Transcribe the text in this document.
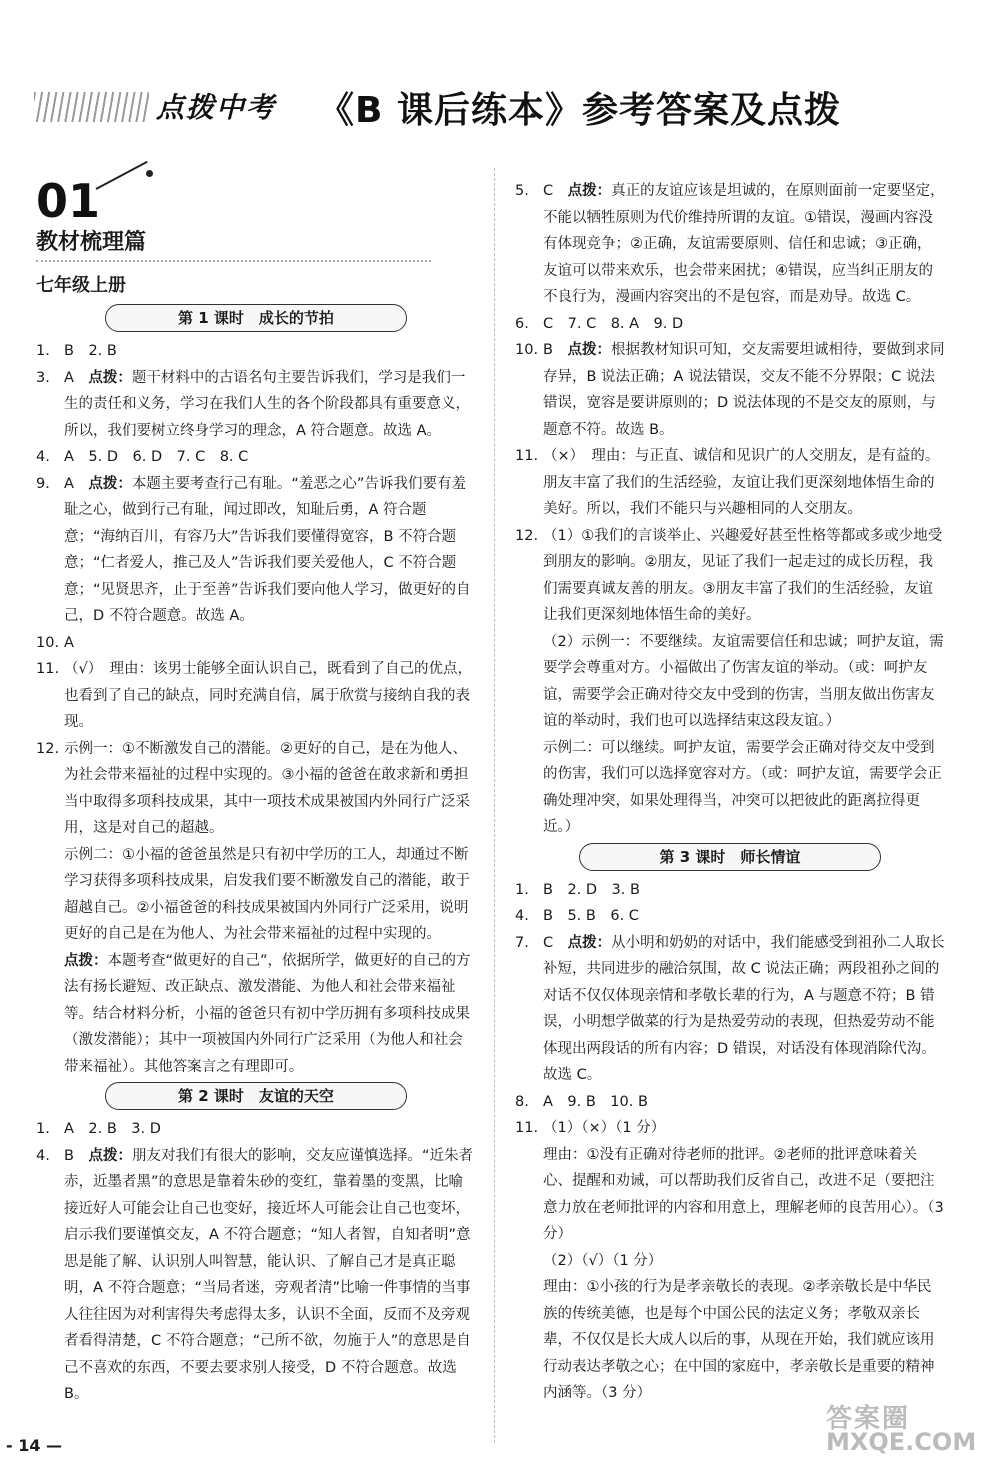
点拨中考 《B 课后练本》参考答案及点拨
01
教材梳理篇
七年级上册
第 1 课时　成长的节拍
1. B　2. B
3. A　点拨：题干材料中的古语名句主要告诉我们，学习是我们一生的责任和义务，学习在我们人生的各个阶段都具有重要意义，所以，我们要树立终身学习的理念，A 符合题意。故选 A。
4. A　5. D　6. D　7. C　8. C
9. A　点拨：本题主要考查行己有耻。“羞恶之心”告诉我们要有羞耻之心，做到行己有耻，闻过即改，知耻后勇，A 符合题意；“海纳百川，有容乃大”告诉我们要懂得宽容，B 不符合题意；“仁者爱人，推己及人”告诉我们要关爱他人，C 不符合题意；“见贤思齐，止于至善”告诉我们要向他人学习，做更好的自己，D 不符合题意。故选 A。
10. A
11. （√）　理由：该男士能够全面认识自己，既看到了自己的优点，也看到了自己的缺点，同时充满自信，属于欣赏与接纳自我的表现。
12. 示例一：①不断激发自己的潜能。②更好的自己，是在为他人、为社会带来福祉的过程中实现的。③小福的爸爸在敢求新和勇担当中取得多项科技成果，其中一项技术成果被国内外同行广泛采用，这是对自己的超越。
示例二：①小福的爸爸虽然是只有初中学历的工人，却通过不断学习获得多项科技成果，启发我们要不断激发自己的潜能，敢于超越自己。②小福爸爸的科技成果被国内外同行广泛采用，说明更好的自己是在为他人、为社会带来福祉的过程中实现的。
点拨：本题考查“做更好的自己”，依据所学，做更好的自己的方法有扬长避短、改正缺点、激发潜能、为他人和社会带来福祉等。结合材料分析，小福的爸爸只有初中学历拥有多项科技成果（激发潜能）；其中一项被国内外同行广泛采用（为他人和社会带来福祉）。其他答案言之有理即可。
第 2 课时　友谊的天空
1. A　2. B　3. D
4. B　点拨：朋友对我们有很大的影响，交友应谨慎选择。“近朱者赤，近墨者黑”的意思是靠着朱砂的变红，靠着墨的变黑，比喻接近好人可能会让自己也变好，接近坏人可能会让自己也变坏，启示我们要谨慎交友，A 不符合题意；“知人者智，自知者明”意思是能了解、认识别人叫智慧，能认识、了解自己才是真正聪明，A 不符合题意；“当局者迷，旁观者清”比喻一件事情的当事人往往因为对利害得失考虑得太多，认识不全面，反而不及旁观者看得清楚，C 不符合题意；“己所不欲，勿施于人”的意思是自己不喜欢的东西，不要去要求别人接受，D 不符合题意。故选 B。
5. C　点拨：真正的友谊应该是坦诚的，在原则面前一定要坚定，不能以牺牲原则为代价维持所谓的友谊。①错误，漫画内容没有体现竞争；②正确，友谊需要原则、信任和忠诚；③正确，友谊可以带来欢乐，也会带来困扰；④错误，应当纠正朋友的不良行为，漫画内容突出的不是包容，而是劝导。故选 C。
6. C　7. C　8. A　9. D
10. B　点拨：根据教材知识可知，交友需要坦诚相待，要做到求同存异，B 说法正确；A 说法错误，交友不能不分界限；C 说法错误，宽容是要讲原则的；D 说法体现的不是交友的原则，与题意不符。故选 B。
11. （×）　理由：与正直、诚信和见识广的人交朋友，是有益的。朋友丰富了我们的生活经验，友谊让我们更深刻地体悟生命的美好。所以，我们不能只与兴趣相同的人交朋友。
12. （1）①我们的言谈举止、兴趣爱好甚至性格等都或多或少地受到朋友的影响。②朋友，见证了我们一起走过的成长历程，我们需要真诚友善的朋友。③朋友丰富了我们的生活经验，友谊让我们更深刻地体悟生命的美好。
（2）示例一：不要继续。友谊需要信任和忠诚；呵护友谊，需要学会尊重对方。小福做出了伤害友谊的举动。（或：呵护友谊，需要学会正确对待交友中受到的伤害，当朋友做出伤害友谊的举动时，我们也可以选择结束这段友谊。）
示例二：可以继续。呵护友谊，需要学会正确对待交友中受到的伤害，我们可以选择宽容对方。（或：呵护友谊，需要学会正确处理冲突，如果处理得当，冲突可以把彼此的距离拉得更近。）
第 3 课时　师长情谊
1. B　2. D　3. B
4. B　5. B　6. C
7. C　点拨：从小明和奶奶的对话中，我们能感受到祖孙二人取长补短，共同进步的融洽氛围，故 C 说法正确；两段祖孙之间的对话不仅仅体现亲情和孝敬长辈的行为，A 与题意不符；B 错误，小明想学做菜的行为是热爱劳动的表现，但热爱劳动不能体现出两段话的所有内容；D 错误，对话没有体现消除代沟。故选 C。
8. A　9. B　10. B
11. （1）（×）（1 分）
理由：①没有正确对待老师的批评。②老师的批评意味着关心、提醒和劝诫，可以帮助我们反省自己，改进不足（要把注意力放在老师批评的内容和用意上，理解老师的良苦用心）。（3 分）
（2）（√）（1 分）
理由：①小孩的行为是孝亲敬长的表现。②孝亲敬长是中华民族的传统美德，也是每个中国公民的法定义务；孝敬双亲长辈，不仅仅是长大成人以后的事，从现在开始，我们就应该用行动表达孝敬之心；在中国的家庭中，孝亲敬长是重要的精神内涵等。（3 分）
- 14 —
答案圈
MXQE.COM
